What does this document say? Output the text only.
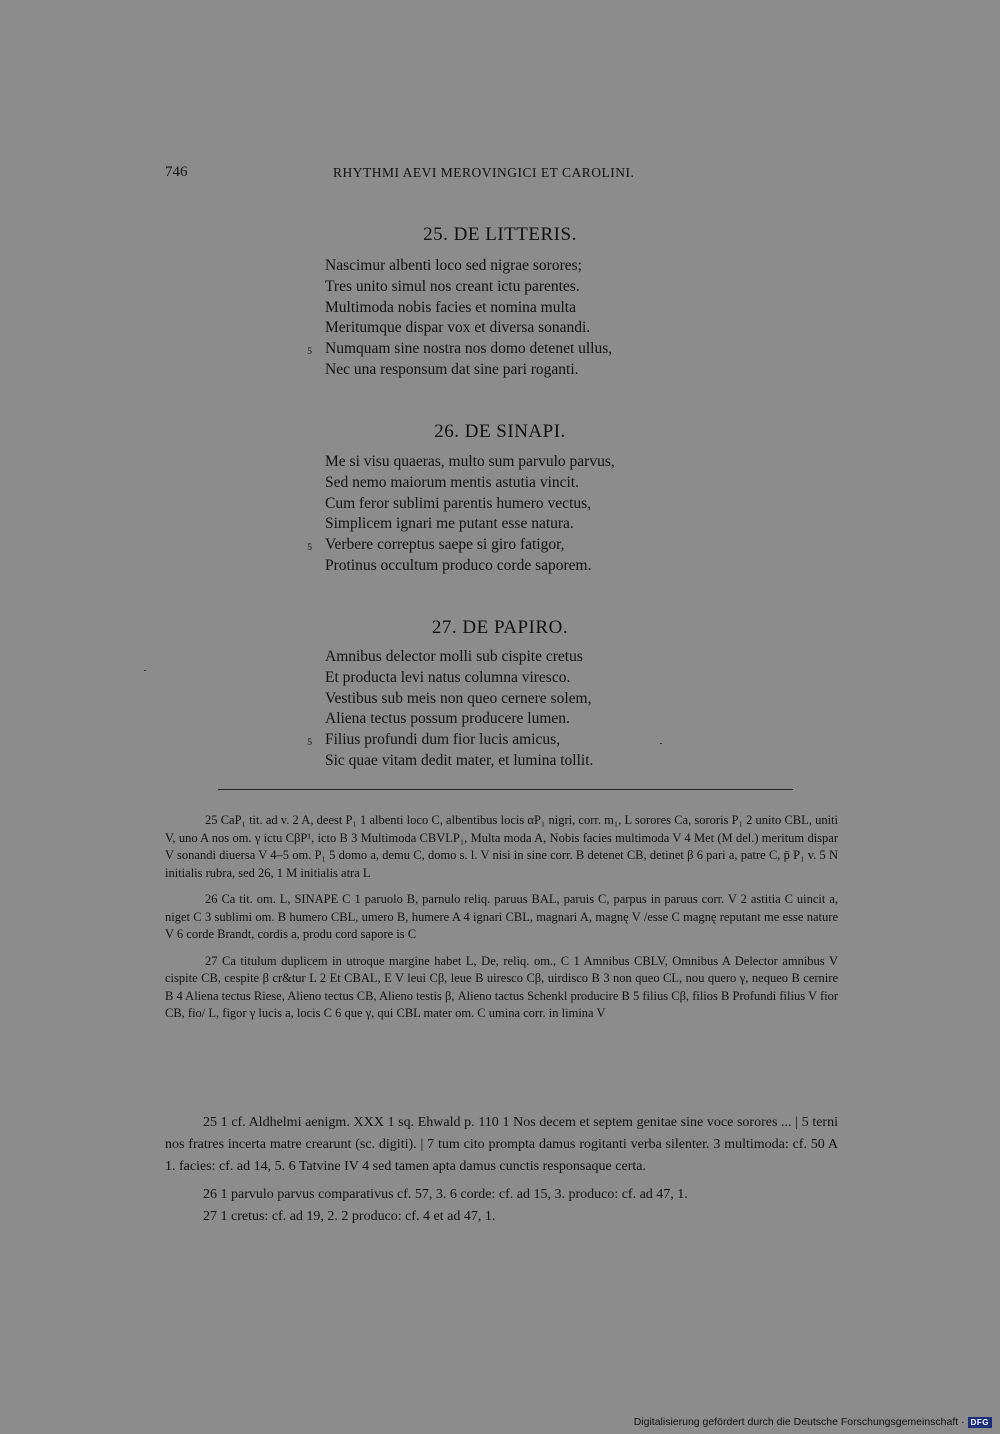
746	RHYTHMI AEVI MEROVINGICI ET CAROLINI.
25. DE LITTERIS.
Nascimur albenti loco sed nigrae sorores;
Tres unito simul nos creant ictu parentes.
Multimoda nobis facies et nomina multa
Meritumque dispar vox et diversa sonandi.
5 Numquam sine nostra nos domo detenet ullus,
Nec una responsum dat sine pari roganti.
26. DE SINAPI.
Me si visu quaeras, multo sum parvulo parvus,
Sed nemo maiorum mentis astutia vincit.
Cum feror sublimi parentis humero vectus,
Simplicem ignari me putant esse natura.
5 Verbere correptus saepe si giro fatigor,
Protinus occultum produco corde saporem.
27. DE PAPIRO.
Amnibus delector molli sub cispite cretus
Et producta levi natus columna viresco.
Vestibus sub meis non queo cernere solem,
Aliena tectus possum producere lumen.
5 Filius profundi dum fior lucis amicus,
Sic quae vitam dedit mater, et lumina tollit.

25 CaP₁ tit. ad v. 2 A, deest P₁ 1 albenti loco C, albentibus locis αP₁ nigri, corr. m₁, L sorores Ca, sororis P₁ 2 unito CBL, uniti V, uno A nos om. γ ictu CβP¹, icto B 3 Multimoda CBVLP₁, Multa moda A, Nobis facies multimoda V 4 Met (M del.) meritum dispar V sonandi diuersa V 4–5 om. P₁ 5 domo a, demu C, domo s. l. V nisi in sine corr. B detenet CB, detinet β 6 pari a, patre C, p̄ P₁ v. 5 N initialis rubra, sed 26, 1 M initialis atra L

26 Ca tit. om. L, SINAPE C 1 paruolo B, parnulo reliq. paruus BAL, paruis C, parpus in paruus corr. V 2 astitia C uincit a, niget C 3 sublimi om. B humero CBL, umero B, humere A 4 ignari CBL, magnari A, magnę V /esse C magnę reputant me esse nature V 6 corde Brandt, cordis a, produ cord sapore is C

27 Ca titulum duplicem in utroque margine habet L, De, reliq. om., C 1 Amnibus CBLV, Omnibus A Delector amnibus V cispite CB, cespite β cr&tur L 2 Et CBAL, E V leui Cβ, leue B uiresco Cβ, uirdisco B 3 non queo CL, nou quero γ, nequeo B cernire B 4 Aliena tectus Riese, Alieno tectus CB, Alieno testis β, Alieno tactus Schenkl producire B 5 filius Cβ, filios B Profundi filius V fior CB, fio/ L, figor γ lucis a, locis C 6 que γ, qui CBL mater om. C umina corr. in limina V

25 1 cf. Aldhelmi aenigm. XXX 1 sq. Ehwald p. 110 1 Nos decem et septem genitae sine voce sorores ... | 5 terni nos fratres incerta matre crearunt (sc. digiti). | 7 tum cito prompta damus rogitanti verba silenter. 3 multimoda: cf. 50 A 1. facies: cf. ad 14, 5. 6 Tatvine IV 4 sed tamen apta damus cunctis responsaque certa.

26 1 parvulo parvus comparativus cf. 57, 3. 6 corde: cf. ad 15, 3. produco: cf. ad 47, 1.

27 1 cretus: cf. ad 19, 2. 2 produco: cf. 4 et ad 47, 1.

Digitalisierung gefördert durch die Deutsche Forschungsgemeinschaft · DFG
